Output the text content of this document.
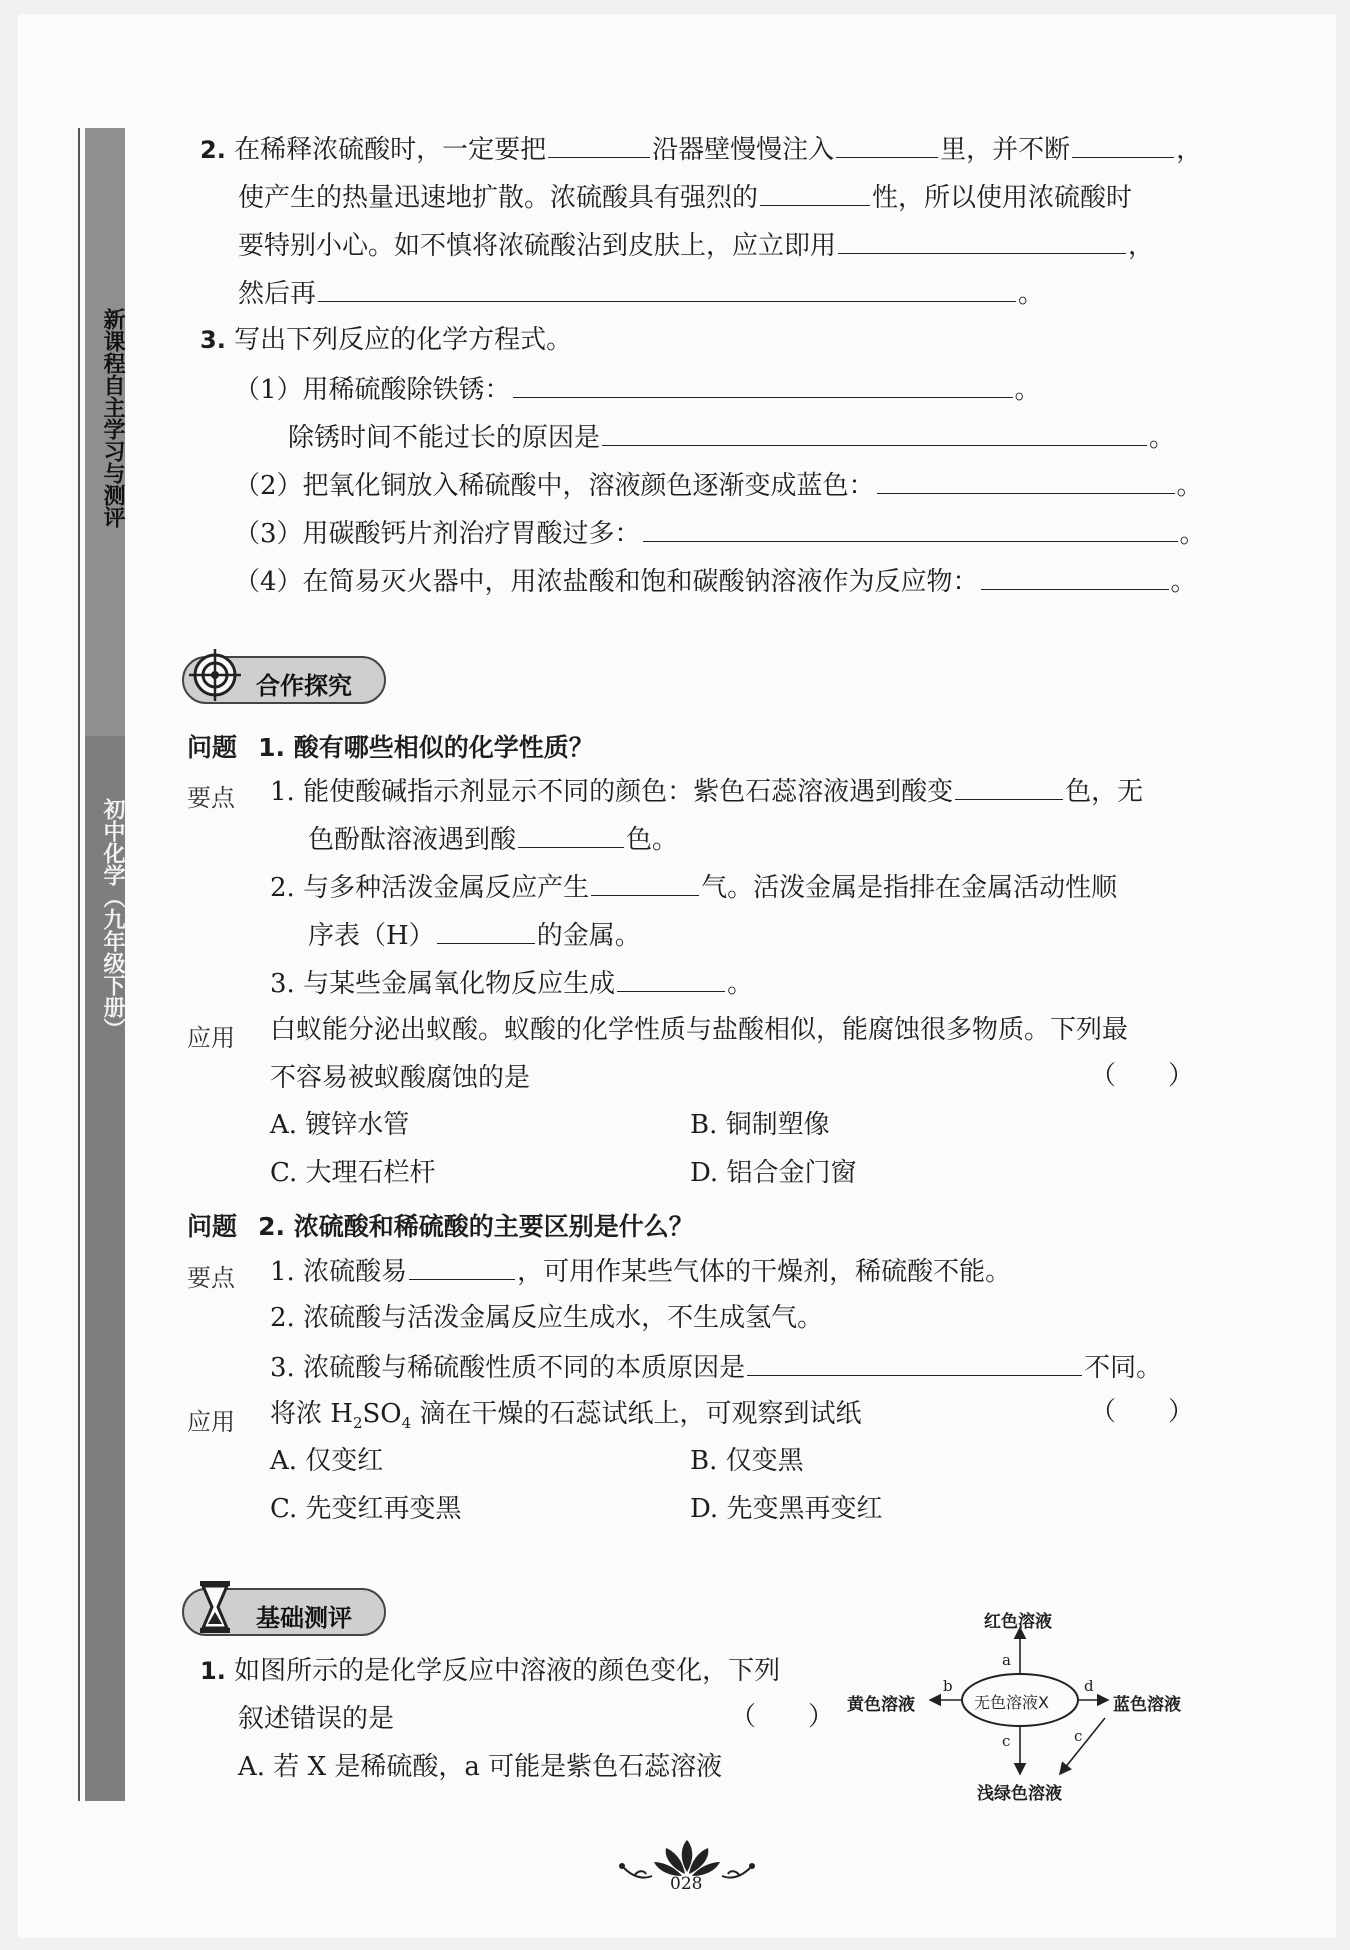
新课程自主学习与测评
初中化学（九年级下册）
2. 在稀释浓硫酸时，一定要把	沿器壁慢慢注入	里，并不断	，
使产生的热量迅速地扩散。浓硫酸具有强烈的	性，所以使用浓硫酸时
要特别小心。如不慎将浓硫酸沾到皮肤上，应立即用	，
然后再	。
3. 写出下列反应的化学方程式。
（1）用稀硫酸除铁锈：	。
除锈时间不能过长的原因是	。
（2）把氧化铜放入稀硫酸中，溶液颜色逐渐变成蓝色：	。
（3）用碳酸钙片剂治疗胃酸过多：	。
（4）在简易灭火器中，用浓盐酸和饱和碳酸钠溶液作为反应物：	。
合作探究
问题 1. 酸有哪些相似的化学性质？
要点 1. 能使酸碱指示剂显示不同的颜色：紫色石蕊溶液遇到酸变	色，无
色酚酞溶液遇到酸	色。
2. 与多种活泼金属反应产生	气。活泼金属是指排在金属活动性顺
序表（H）	的金属。
3. 与某些金属氧化物反应生成	。
应用 白蚁能分泌出蚁酸。蚁酸的化学性质与盐酸相似，能腐蚀很多物质。下列最
不容易被蚁酸腐蚀的是	（　　）
A. 镀锌水管	B. 铜制塑像
C. 大理石栏杆	D. 铝合金门窗
问题 2. 浓硫酸和稀硫酸的主要区别是什么？
要点 1. 浓硫酸易	，可用作某些气体的干燥剂，稀硫酸不能。
2. 浓硫酸与活泼金属反应生成水，不生成氢气。
3. 浓硫酸与稀硫酸性质不同的本质原因是	不同。
应用 将浓 $H_2SO_4$ 滴在干燥的石蕊试纸上，可观察到试纸	（　　）
A. 仅变红	B. 仅变黑
C. 先变红再变黑	D. 先变黑再变红
基础测评
1. 如图所示的是化学反应中溶液的颜色变化，下列
叙述错误的是	（　　）
A. 若 X 是稀硫酸，a 可能是紫色石蕊溶液
无色溶液X
红色溶液
黄色溶液	蓝色溶液
浅绿色溶液
a
b	d
c	c
028
